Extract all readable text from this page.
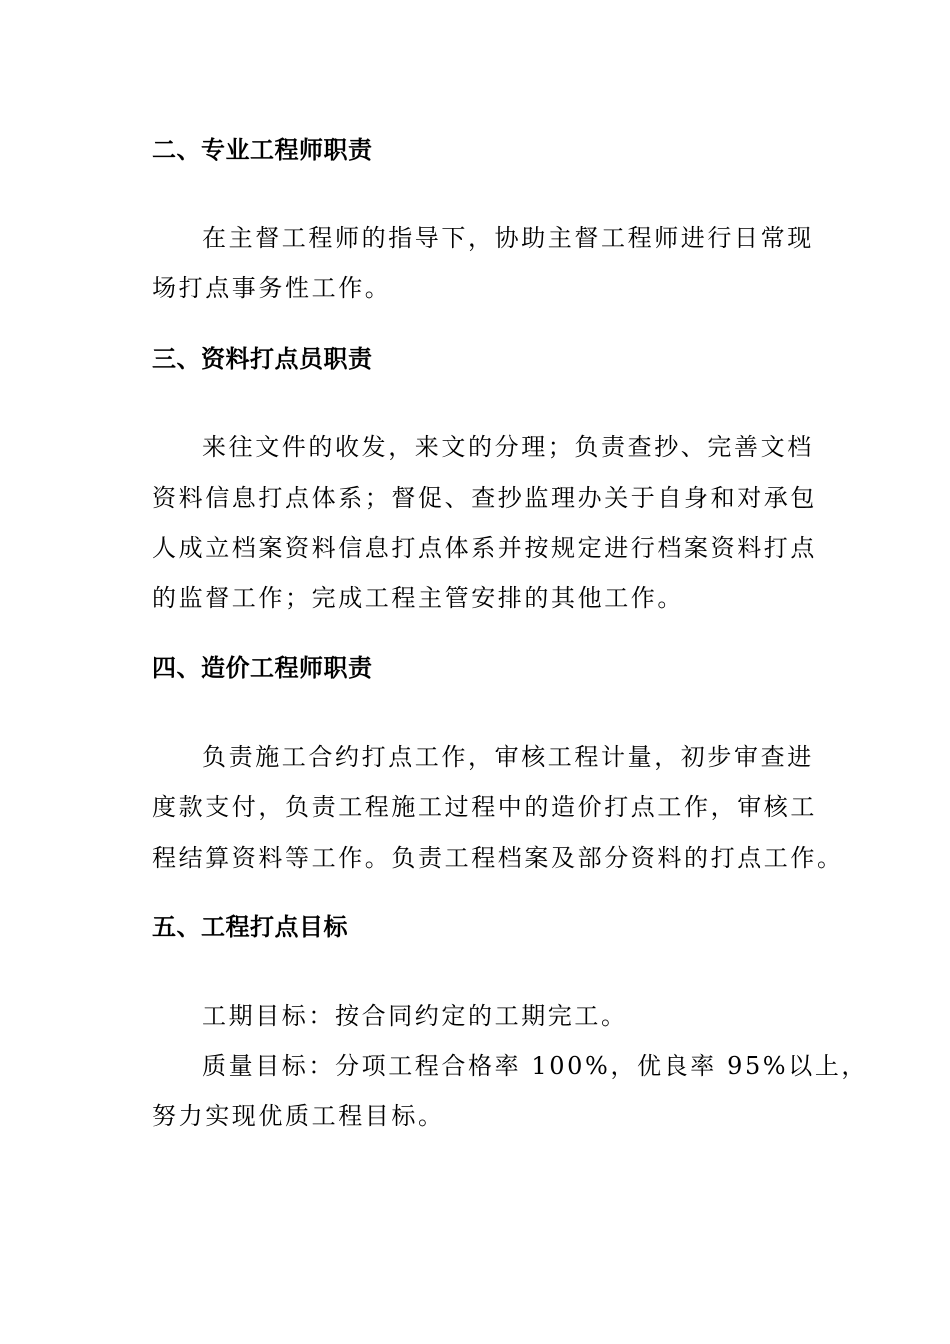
二、专业工程师职责
在主督工程师的指导下，协助主督工程师进行日常现
场打点事务性工作。
三、资料打点员职责
来往文件的收发，来文的分理；负责查抄、完善文档
资料信息打点体系；督促、查抄监理办关于自身和对承包
人成立档案资料信息打点体系并按规定进行档案资料打点
的监督工作；完成工程主管安排的其他工作。
四、造价工程师职责
负责施工合约打点工作，审核工程计量，初步审查进
度款支付，负责工程施工过程中的造价打点工作，审核工
程结算资料等工作。负责工程档案及部分资料的打点工作。
五、工程打点目标
工期目标：按合同约定的工期完工。
质量目标：分项工程合格率 100%，优良率 95%以上，
努力实现优质工程目标。
